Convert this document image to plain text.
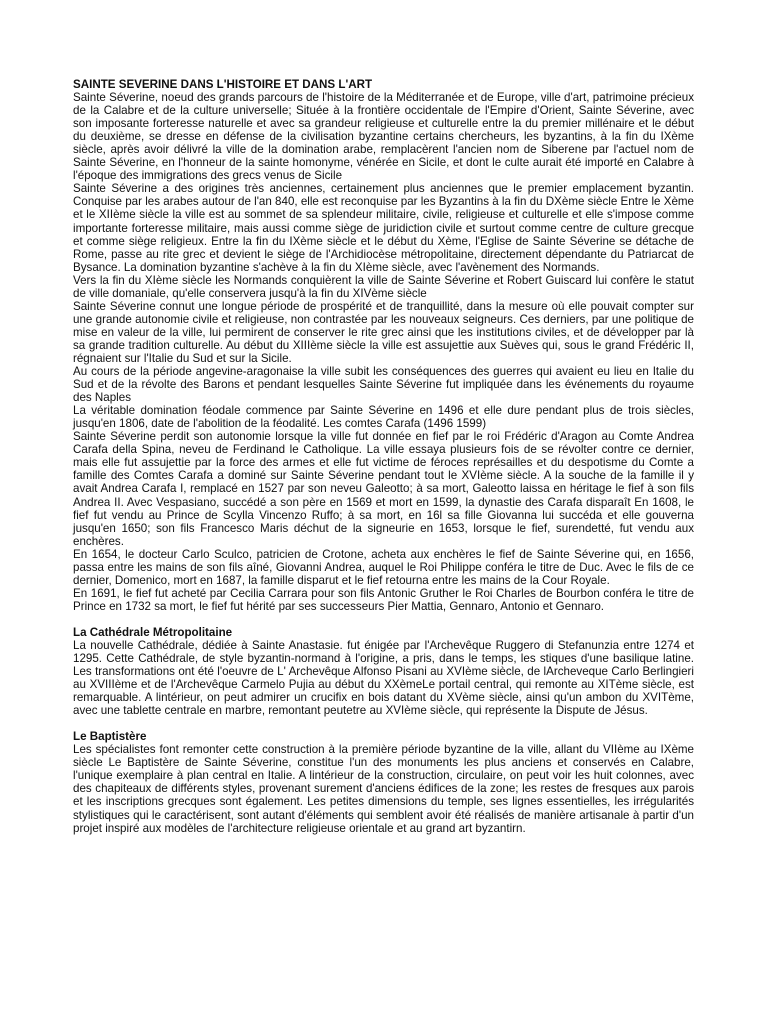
SAINTE SEVERINE DANS L'HISTOIRE ET DANS L'ART

Sainte Séverine, noeud des grands parcours de l'histoire de la Méditerranée et de Europe, ville d'art, patrimoine précieux de la Calabre et de la culture universelle; Située à la frontière occidentale de l'Empire d'Orient, Sainte Séverine, avec son imposante forteresse naturelle et avec sa grandeur religieuse et culturelle entre la du premier millénaire et le début du deuxième, se dresse en défense de la civilisation byzantine certains chercheurs, les byzantins, à la fin du IXème siècle, après avoir délivré la ville de la domination arabe, remplacèrent l'ancien nom de Siberene par l'actuel nom de Sainte Séverine, en l'honneur de la sainte homonyme, vénérée en Sicile, et dont le culte aurait été importé en Calabre à l'époque des immigrations des grecs venus de Sicile

Sainte Séverine a des origines très anciennes, certainement plus anciennes que le premier emplacement byzantin. Conquise par les arabes autour de l'an 840, elle est reconquise par les Byzantins à la fin du DXème siècle Entre le Xème et le XIIème siècle la ville est au sommet de sa splendeur militaire, civile, religieuse et culturelle et elle s'impose comme importante forteresse militaire, mais aussi comme siège de juridiction civile et surtout comme centre de culture grecque et comme siège religieux. Entre la fin du IXème siècle et le début du Xème, l'Eglise de Sainte Séverine se détache de Rome, passe au rite grec et devient le siège de l'Archidiocèse métropolitaine, directement dépendante du Patriarcat de Bysance. La domination byzantine s'achève à la fin du XIème siècle, avec l'avènement des Normands.

Vers la fin du XIème siècle les Normands conquièrent la ville de Sainte Séverine et Robert Guiscard lui confère le statut de ville domaniale, qu'elle conservera jusqu'à la fin du XIVème siècle

Sainte Séverine connut une longue période de prospérité et de tranquillité, dans la mesure où elle pouvait compter sur une grande autonomie civile et religieuse, non contrastée par les nouveaux seigneurs. Ces derniers, par une politique de mise en valeur de la ville, lui permirent de conserver le rite grec ainsi que les institutions civiles, et de développer par là sa grande tradition culturelle. Au début du XIIIème siècle la ville est assujettie aux Suèves qui, sous le grand Frédéric II, régnaient sur l'Italie du Sud et sur la Sicile.

Au cours de la période angevine-aragonaise la ville subit les conséquences des guerres qui avaient eu lieu en Italie du Sud et de la révolte des Barons et pendant lesquelles Sainte Séverine fut impliquée dans les événements du royaume des Naples

La véritable domination féodale commence par Sainte Séverine en 1496 et elle dure pendant plus de trois siècles, jusqu'en 1806, date de l'abolition de la féodalité. Les comtes Carafa (1496 1599)

Sainte Séverine perdit son autonomie lorsque la ville fut donnée en fief par le roi Frédéric d'Aragon au Comte Andrea Carafa della Spina, neveu de Ferdinand le Catholique. La ville essaya plusieurs fois de se révolter contre ce dernier, mais elle fut assujettie par la force des armes et elle fut victime de féroces représailles et du despotisme du Comte a famille des Comtes Carafa a dominé sur Sainte Séverine pendant tout le XVIème siècle. A la souche de la famille il y avait Andrea Carafa I, remplacé en 1527 par son neveu Galeotto; à sa mort, Galeotto laissa en héritage le fief à son fils Andrea II. Avec Vespasiano, succédé a son père en 1569 et mort en 1599, la dynastie des Carafa disparaît En 1608, le fief fut vendu au Prince de Scylla Vincenzo Ruffo; à sa mort, en 16l sa fille Giovanna lui succéda et elle gouverna jusqu'en 1650; son fils Francesco Maris déchut de la signeurie en 1653, lorsque le fief, surendetté, fut vendu aux enchères.

En 1654, le docteur Carlo Sculco, patricien de Crotone, acheta aux enchères le fief de Sainte Séverine qui, en 1656, passa entre les mains de son fils aîné, Giovanni Andrea, auquel le Roi Philippe conféra le titre de Duc. Avec le fils de ce dernier, Domenico, mort en 1687, la famille disparut et le fief retourna entre les mains de la Cour Royale.

En 1691, le fief fut acheté par Cecilia Carrara pour son fils Antonic Gruther le Roi Charles de Bourbon conféra le titre de Prince en 1732 sa mort, le fief fut hérité par ses successeurs Pier Mattia, Gennaro, Antonio et Gennaro.

La Cathédrale Métropolitaine

La nouvelle Cathédrale, dédiée à Sainte Anastasie. fut énigée par l'Archevêque Ruggero di Stefanunzia entre 1274 et 1295. Cette Cathédrale, de style byzantin-normand à l'origine, a pris, dans le temps, les stiques d'une basilique latine. Les transformations ont été l'oeuvre de L' Archevêque Alfonso Pisani au XVIème siècle, de lArcheveque Carlo Berlingieri au XVIIIème et de l'Archevêque Carmelo Pujia au début du XXèmeLe portail central, qui remonte au XITème siècle, est remarquable. A lintérieur, on peut admirer un crucifix en bois datant du XVème siècle, ainsi qu'un ambon du XVITème, avec une tablette centrale en marbre, remontant peutetre au XVIème siècle, qui représente la Dispute de Jésus.

Le Baptistère

Les spécialistes font remonter cette construction à la première période byzantine de la ville, allant du VIIème au IXème siècle Le Baptistère de Sainte Séverine, constitue l'un des monuments les plus anciens et conservés en Calabre, l'unique exemplaire à plan central en Italie. A lintérieur de la construction, circulaire, on peut voir les huit colonnes, avec des chapiteaux de différents styles, provenant surement d'anciens édifices de la zone; les restes de fresques aux parois et les inscriptions grecques sont également. Les petites dimensions du temple, ses lignes essentielles, les irrégularités stylistiques qui le caractérisent, sont autant d'éléments qui semblent avoir été réalisés de manière artisanale à partir d'un projet inspiré aux modèles de l'architecture religieuse orientale et au grand art byzantirn.
